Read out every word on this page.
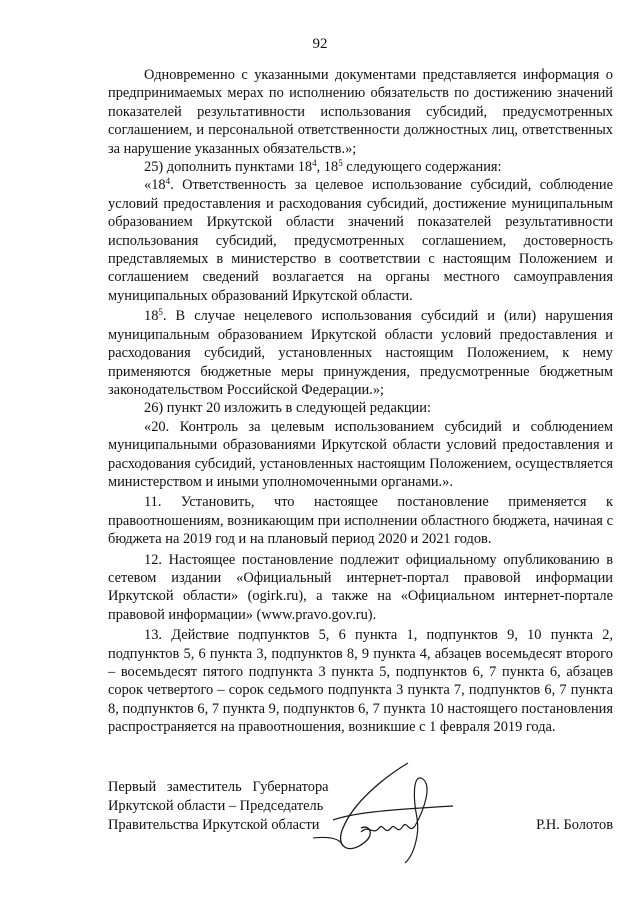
92

Одновременно с указанными документами представляется информация о предпринимаемых мерах по исполнению обязательств по достижению значений показателей результативности использования субсидий, предусмотренных соглашением, и персональной ответственности должностных лиц, ответственных за нарушение указанных обязательств.»;

25) дополнить пунктами $18^4$, $18^5$ следующего содержания:

«$18^4$. Ответственность за целевое использование субсидий, соблюдение условий предоставления и расходования субсидий, достижение муниципальным образованием Иркутской области значений показателей результативности использования субсидий, предусмотренных соглашением, достоверность представляемых в министерство в соответствии с настоящим Положением и соглашением сведений возлагается на органы местного самоуправления муниципальных образований Иркутской области.

$18^5$. В случае нецелевого использования субсидий и (или) нарушения муниципальным образованием Иркутской области условий предоставления и расходования субсидий, установленных настоящим Положением, к нему применяются бюджетные меры принуждения, предусмотренные бюджетным законодательством Российской Федерации.»;

26) пункт 20 изложить в следующей редакции:

«20. Контроль за целевым использованием субсидий и соблюдением муниципальными образованиями Иркутской области условий предоставления и расходования субсидий, установленных настоящим Положением, осуществляется министерством и иными уполномоченными органами.».

11. Установить, что настоящее постановление применяется к правоотношениям, возникающим при исполнении областного бюджета, начиная с бюджета на 2019 год и на плановый период 2020 и 2021 годов.

12. Настоящее постановление подлежит официальному опубликованию в сетевом издании «Официальный интернет-портал правовой информации Иркутской области» (ogirk.ru), а также на «Официальном интернет-портале правовой информации» (www.pravo.gov.ru).

13. Действие подпунктов 5, 6 пункта 1, подпунктов 9, 10 пункта 2, подпунктов 5, 6 пункта 3, подпунктов 8, 9 пункта 4, абзацев восемьдесят второго – восемьдесят пятого подпункта 3 пункта 5, подпунктов 6, 7 пункта 6, абзацев сорок четвертого – сорок седьмого подпункта 3 пункта 7, подпунктов 6, 7 пункта 8, подпунктов 6, 7 пункта 9, подпунктов 6, 7 пункта 10 настоящего постановления распространяется на правоотношения, возникшие с 1 февраля 2019 года.

Первый   заместитель   Губернатора
Иркутской области – Председатель
Правительства Иркутской области	Р.Н. Болотов
